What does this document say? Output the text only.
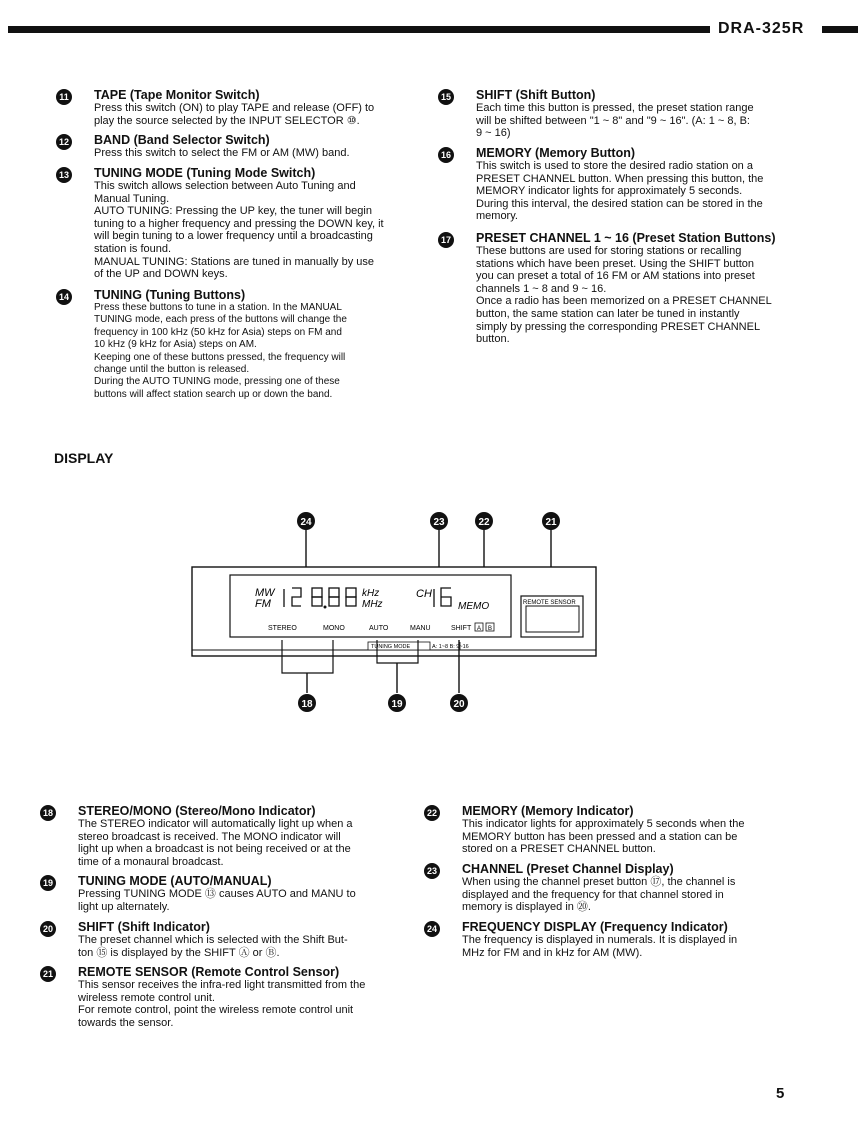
DRA-325R
11 TAPE (Tape Monitor Switch)
Press this switch (ON) to play TAPE and release (OFF) to
play the source selected by the INPUT SELECTOR ⑩.
12 BAND (Band Selector Switch)
Press this switch to select the FM or AM (MW) band.
13 TUNING MODE (Tuning Mode Switch)
This switch allows selection between Auto Tuning and
Manual Tuning.
AUTO TUNING: Pressing the UP key, the tuner will begin
tuning to a higher frequency and pressing the DOWN key, it
will begin tuning to a lower frequency until a broadcasting
station is found.
MANUAL TUNING: Stations are tuned in manually by use
of the UP and DOWN keys.
14 TUNING (Tuning Buttons)
Press these buttons to tune in a station. In the MANUAL
TUNING mode, each press of the buttons will change the
frequency in 100 kHz (50 kHz for Asia) steps on FM and
10 kHz (9 kHz for Asia) steps on AM.
Keeping one of these buttons pressed, the frequency will
change until the button is released.
During the AUTO TUNING mode, pressing one of these
buttons will affect station search up or down the band.
15 SHIFT (Shift Button)
Each time this button is pressed, the preset station range
will be shifted between "1 ~ 8" and "9 ~ 16". (A: 1 ~ 8, B:
9 ~ 16)
16 MEMORY (Memory Button)
This switch is used to store the desired radio station on a
PRESET CHANNEL button. When pressing this button, the
MEMORY indicator lights for approximately 5 seconds.
During this interval, the desired station can be stored in the
memory.
17 PRESET CHANNEL 1 ~ 16 (Preset Station Buttons)
These buttons are used for storing stations or recalling
stations which have been preset. Using the SHIFT button
you can preset a total of 16 FM or AM stations into preset
channels 1 ~ 8 and 9 ~ 16.
Once a radio has been memorized on a PRESET CHANNEL
button, the same station can later be tuned in instantly
simply by pressing the corresponding PRESET CHANNEL
button.
DISPLAY
24	23	22	21
MW
FM
kHz
MHz
CH
MEMO
STEREO	MONO	AUTO	MANU	SHIFT A B
TUNING MODE	A: 1~8 B: 9~16
REMOTE SENSOR
18	19	20
18 STEREO/MONO (Stereo/Mono Indicator)
The STEREO indicator will automatically light up when a
stereo broadcast is received. The MONO indicator will
light up when a broadcast is not being received or at the
time of a monaural broadcast.
19 TUNING MODE (AUTO/MANUAL)
Pressing TUNING MODE ⑬ causes AUTO and MANU to
light up alternately.
20 SHIFT (Shift Indicator)
The preset channel which is selected with the Shift But-
ton ⑮ is displayed by the SHIFT Ⓐ or Ⓑ.
21 REMOTE SENSOR (Remote Control Sensor)
This sensor receives the infra-red light transmitted from the
wireless remote control unit.
For remote control, point the wireless remote control unit
towards the sensor.
22 MEMORY (Memory Indicator)
This indicator lights for approximately 5 seconds when the
MEMORY button has been pressed and a station can be
stored on a PRESET CHANNEL button.
23 CHANNEL (Preset Channel Display)
When using the channel preset button ⑰, the channel is
displayed and the frequency for that channel stored in
memory is displayed in ⑳.
24 FREQUENCY DISPLAY (Frequency Indicator)
The frequency is displayed in numerals. It is displayed in
MHz for FM and in kHz for AM (MW).
5
